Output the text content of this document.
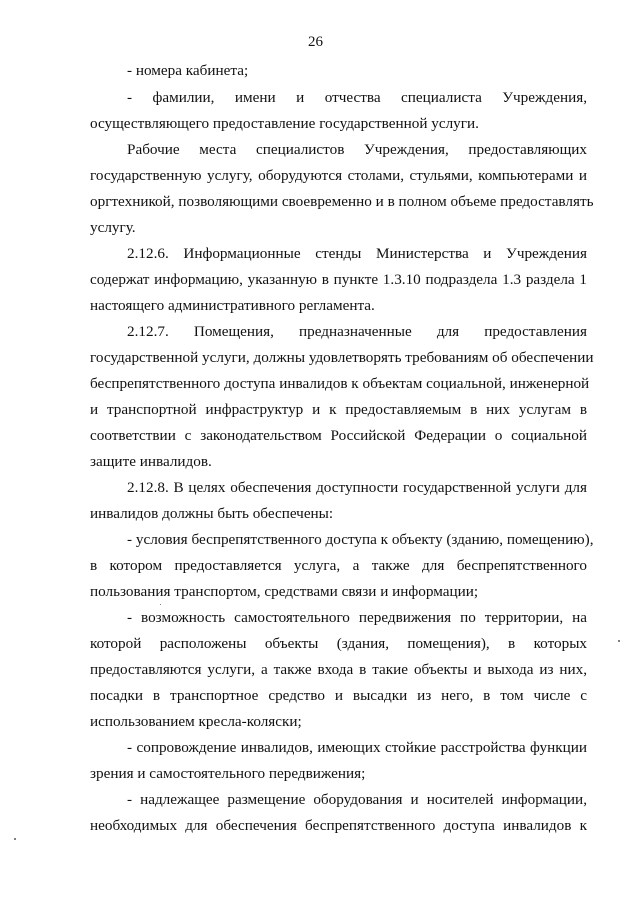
26
- номера кабинета;
- фамилии, имени и отчества специалиста Учреждения,
осуществляющего предоставление государственной услуги.
Рабочие места специалистов Учреждения, предоставляющих
государственную услугу, оборудуются столами, стульями, компьютерами и
оргтехникой, позволяющими своевременно и в полном объеме предоставлять
услугу.
2.12.6. Информационные стенды Министерства и Учреждения
содержат информацию, указанную в пункте 1.3.10 подраздела 1.3 раздела 1
настоящего административного регламента.
2.12.7. Помещения, предназначенные для предоставления
государственной услуги, должны удовлетворять требованиям об обеспечении
беспрепятственного доступа инвалидов к объектам социальной, инженерной
и транспортной инфраструктур и к предоставляемым в них услугам в
соответствии с законодательством Российской Федерации о социальной
защите инвалидов.
2.12.8. В целях обеспечения доступности государственной услуги для
инвалидов должны быть обеспечены:
- условия беспрепятственного доступа к объекту (зданию, помещению),
в котором предоставляется услуга, а также для беспрепятственного
пользования транспортом, средствами связи и информации;
- возможность самостоятельного передвижения по территории, на
которой расположены объекты (здания, помещения), в которых
предоставляются услуги, а также входа в такие объекты и выхода из них,
посадки в транспортное средство и высадки из него, в том числе с
использованием кресла-коляски;
- сопровождение инвалидов, имеющих стойкие расстройства функции
зрения и самостоятельного передвижения;
- надлежащее размещение оборудования и носителей информации,
необходимых для обеспечения беспрепятственного доступа инвалидов к
